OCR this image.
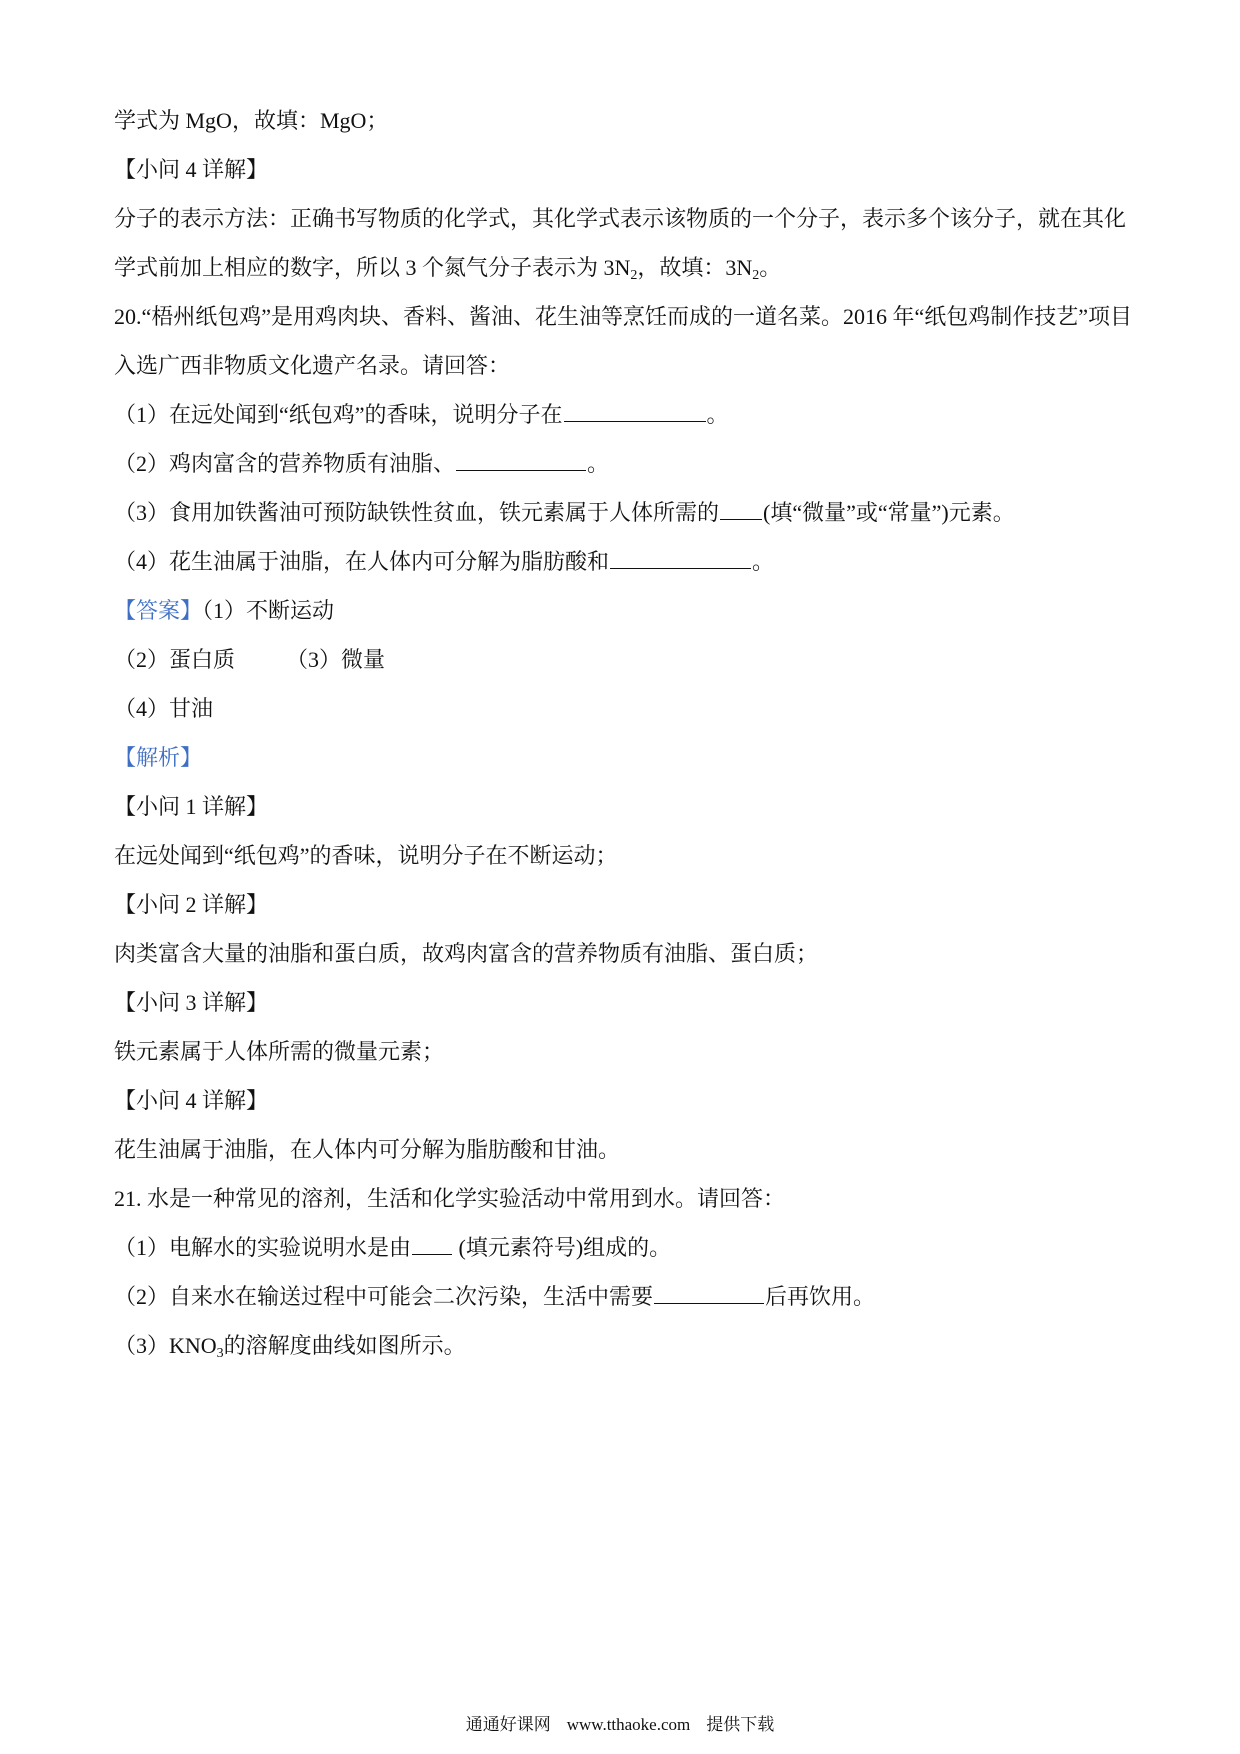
学式为 MgO，故填：MgO；
【小问 4 详解】
分子的表示方法：正确书写物质的化学式，其化学式表示该物质的一个分子，表示多个该分子，就在其化
学式前加上相应的数字，所以 3 个氮气分子表示为 $3N_2$，故填：$3N_2$。
20.“梧州纸包鸡”是用鸡肉块、香料、酱油、花生油等烹饪而成的一道名菜。2016 年“纸包鸡制作技艺”项目
入选广西非物质文化遗产名录。请回答：
（1）在远处闻到“纸包鸡”的香味，说明分子在	。
（2）鸡肉富含的营养物质有油脂、	。
（3）食用加铁酱油可预防缺铁性贫血，铁元素属于人体所需的 (填“微量”或“常量”)元素。
（4）花生油属于油脂，在人体内可分解为脂肪酸和	。
【答案】（1）不断运动
（2）蛋白质 （3）微量
（4）甘油
【解析】
【小问 1 详解】
在远处闻到“纸包鸡”的香味，说明分子在不断运动；
【小问 2 详解】
肉类富含大量的油脂和蛋白质，故鸡肉富含的营养物质有油脂、蛋白质；
【小问 3 详解】
铁元素属于人体所需的微量元素；
【小问 4 详解】
花生油属于油脂，在人体内可分解为脂肪酸和甘油。
21. 水是一种常见的溶剂，生活和化学实验活动中常用到水。请回答：
（1）电解水的实验说明水是由 (填元素符号)组成的。
（2）自来水在输送过程中可能会二次污染，生活中需要	后再饮用。
$(3)KNO_3$的溶解度曲线如图所示。
通通好课网 www.tthaoke.com 提供下载
